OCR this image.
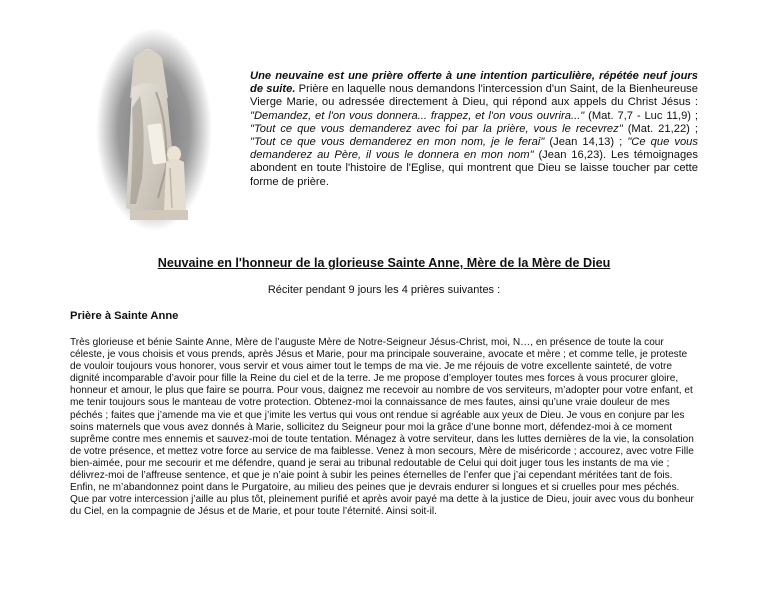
Une neuvaine est une prière offerte à une intention particulière, répétée neuf jours de suite. Prière en laquelle nous demandons l'intercession d'un Saint, de la Bienheureuse Vierge Marie, ou adressée directement à Dieu, qui répond aux appels du Christ Jésus : "Demandez, et l'on vous donnera... frappez, et l'on vous ouvrira..." (Mat. 7,7 - Luc 11,9) ; "Tout ce que vous demanderez avec foi par la prière, vous le recevrez" (Mat. 21,22) ; "Tout ce que vous demanderez en mon nom, je le ferai" (Jean 14,13) ; "Ce que vous demanderez au Père, il vous le donnera en mon nom" (Jean 16,23). Les témoignages abondent en toute l'histoire de l'Eglise, qui montrent que Dieu se laisse toucher par cette forme de prière.

Neuvaine en l'honneur de la glorieuse Sainte Anne, Mère de la Mère de Dieu

Réciter pendant 9 jours les 4 prières suivantes :

Prière à Sainte Anne

Très glorieuse et bénie Sainte Anne, Mère de l’auguste Mère de Notre-Seigneur Jésus-Christ, moi, N…, en présence de toute la cour céleste, je vous choisis et vous prends, après Jésus et Marie, pour ma principale souveraine, avocate et mère ; et comme telle, je proteste de vouloir toujours vous honorer, vous servir et vous aimer tout le temps de ma vie. Je me réjouis de votre excellente sainteté, de votre dignité incomparable d’avoir pour fille la Reine du ciel et de la terre. Je me propose d’employer toutes mes forces à vous procurer gloire, honneur et amour, le plus que faire se pourra. Pour vous, daignez me recevoir au nombre de vos serviteurs, m’adopter pour votre enfant, et me tenir toujours sous le manteau de votre protection. Obtenez-moi la connaissance de mes fautes, ainsi qu’une vraie douleur de mes péchés ; faites que j’amende ma vie et que j’imite les vertus qui vous ont rendue si agréable aux yeux de Dieu. Je vous en conjure par les soins maternels que vous avez donnés à Marie, sollicitez du Seigneur pour moi la grâce d’une bonne mort, défendez-moi à ce moment suprême contre mes ennemis et sauvez-moi de toute tentation. Ménagez à votre serviteur, dans les luttes dernières de la vie, la consolation de votre présence, et mettez votre force au service de ma faiblesse. Venez à mon secours, Mère de miséricorde ; accourez, avec votre Fille bien-aimée, pour me secourir et me défendre, quand je serai au tribunal redoutable de Celui qui doit juger tous les instants de ma vie ; délivrez-moi de l’affreuse sentence, et que je n’aie point à subir les peines éternelles de l’enfer que j’ai cependant méritées tant de fois. Enfin, ne m’abandonnez point dans le Purgatoire, au milieu des peines que je devrais endurer si longues et si cruelles pour mes péchés. Que par votre intercession j’aille au plus tôt, pleinement purifié et après avoir payé ma dette à la justice de Dieu, jouir avec vous du bonheur du Ciel, en la compagnie de Jésus et de Marie, et pour toute l’éternité. Ainsi soit-il.
